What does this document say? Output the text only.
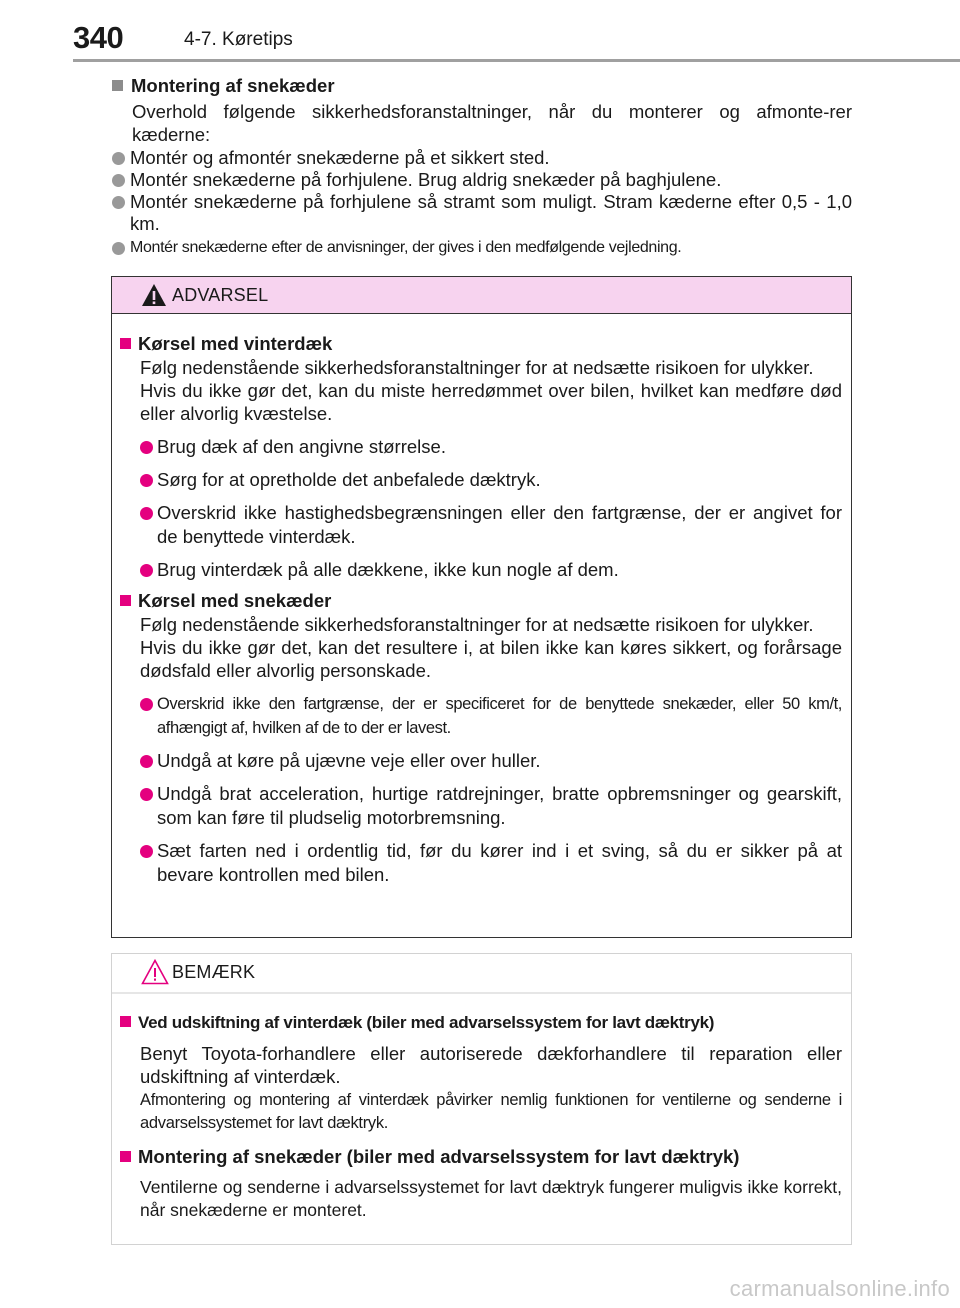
340	4-7. Køretips
Montering af snekæder

Overhold følgende sikkerhedsforanstaltninger, når du monterer og afmonte-rer kæderne:

Montér og afmontér snekæderne på et sikkert sted.
Montér snekæderne på forhjulene. Brug aldrig snekæder på baghjulene.
Montér snekæderne på forhjulene så stramt som muligt. Stram kæderne efter 0,5 - 1,0 km.
Montér snekæderne efter de anvisninger, der gives i den medfølgende vejledning.
ADVARSEL
Kørsel med vinterdæk

Følg nedenstående sikkerhedsforanstaltninger for at nedsætte risikoen for ulykker.

Hvis du ikke gør det, kan du miste herredømmet over bilen, hvilket kan medføre død eller alvorlig kvæstelse.

Brug dæk af den angivne størrelse.
Sørg for at opretholde det anbefalede dæktryk.
Overskrid ikke hastighedsbegrænsningen eller den fartgrænse, der er angivet for de benyttede vinterdæk.
Brug vinterdæk på alle dækkene, ikke kun nogle af dem.
Kørsel med snekæder

Følg nedenstående sikkerhedsforanstaltninger for at nedsætte risikoen for ulykker.

Hvis du ikke gør det, kan det resultere i, at bilen ikke kan køres sikkert, og forårsage dødsfald eller alvorlig personskade.

Overskrid ikke den fartgrænse, der er specificeret for de benyttede snekæder, eller 50 km/t, afhængigt af, hvilken af de to der er lavest.
Undgå at køre på ujævne veje eller over huller.
Undgå brat acceleration, hurtige ratdrejninger, bratte opbremsninger og gearskift, som kan føre til pludselig motorbremsning.
Sæt farten ned i ordentlig tid, før du kører ind i et sving, så du er sikker på at bevare kontrollen med bilen.
BEMÆRK
Ved udskiftning af vinterdæk (biler med advarselssystem for lavt dæktryk)

Benyt Toyota-forhandlere eller autoriserede dækforhandlere til reparation eller udskiftning af vinterdæk.

Afmontering og montering af vinterdæk påvirker nemlig funktionen for ventilerne og senderne i advarselssystemet for lavt dæktryk.

Montering af snekæder (biler med advarselssystem for lavt dæktryk)

Ventilerne og senderne i advarselssystemet for lavt dæktryk fungerer muligvis ikke korrekt, når snekæderne er monteret.

carmanualsonline.info
